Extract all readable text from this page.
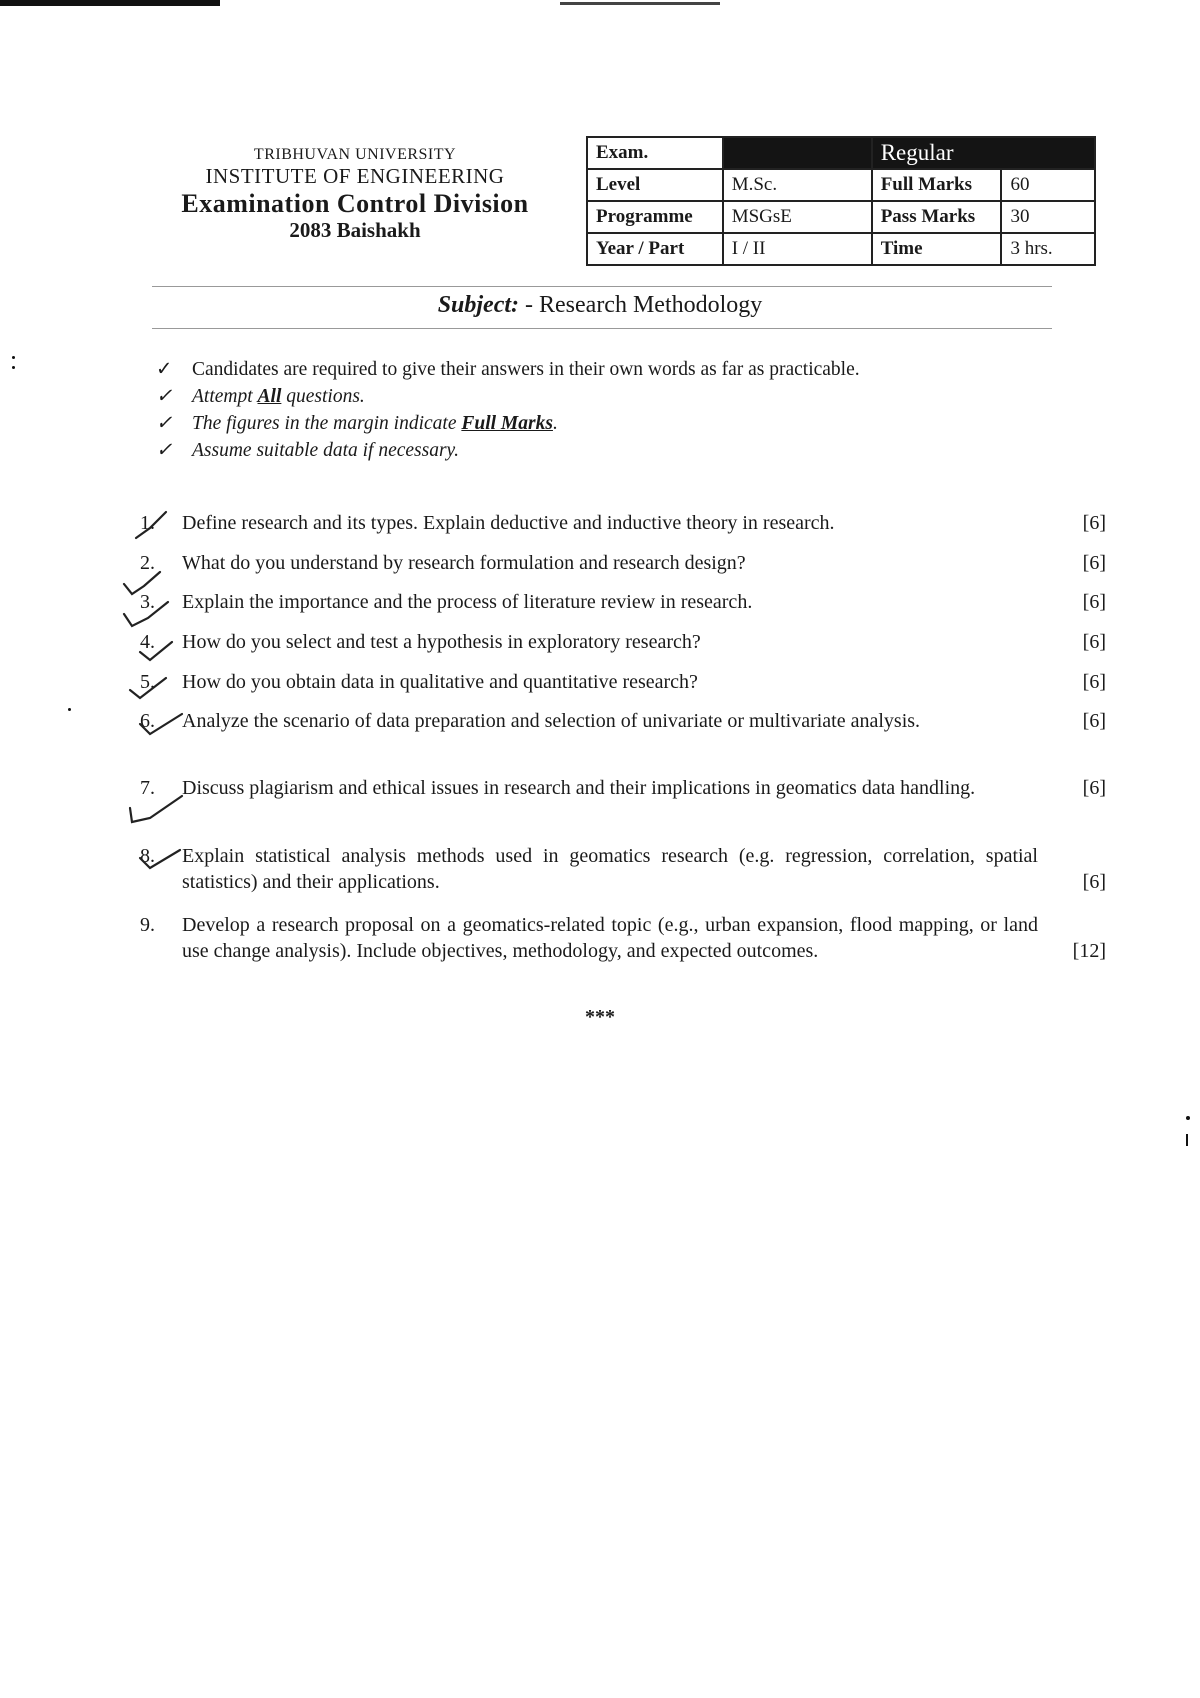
TRIBHUVAN UNIVERSITY
INSTITUTE OF ENGINEERING
Examination Control Division
2083 Baishakh
Exam.		Regular	
Level	M.Sc.	Full Marks	60
Programme	MSGsE	Pass Marks	30
Year / Part	I / II	Time	3 hrs.
Subject: - Research Methodology
✓ Candidates are required to give their answers in their own words as far as practicable.
✓ Attempt All questions.
✓ The figures in the margin indicate Full Marks.
✓ Assume suitable data if necessary.
1.	Define research and its types. Explain deductive and inductive theory in research.	[6]
2.	What do you understand by research formulation and research design?	[6]
3.	Explain the importance and the process of literature review in research.	[6]
4.	How do you select and test a hypothesis in exploratory research?	[6]
5.	How do you obtain data in qualitative and quantitative research?	[6]
6.	Analyze the scenario of data preparation and selection of univariate or multivariate analysis.	[6]
7.	Discuss plagiarism and ethical issues in research and their implications in geomatics data handling.	[6]
8.	Explain statistical analysis methods used in geomatics research (e.g. regression, correlation, spatial statistics) and their applications.	[6]
9.	Develop a research proposal on a geomatics-related topic (e.g., urban expansion, flood mapping, or land use change analysis). Include objectives, methodology, and expected outcomes.	[12]
***
